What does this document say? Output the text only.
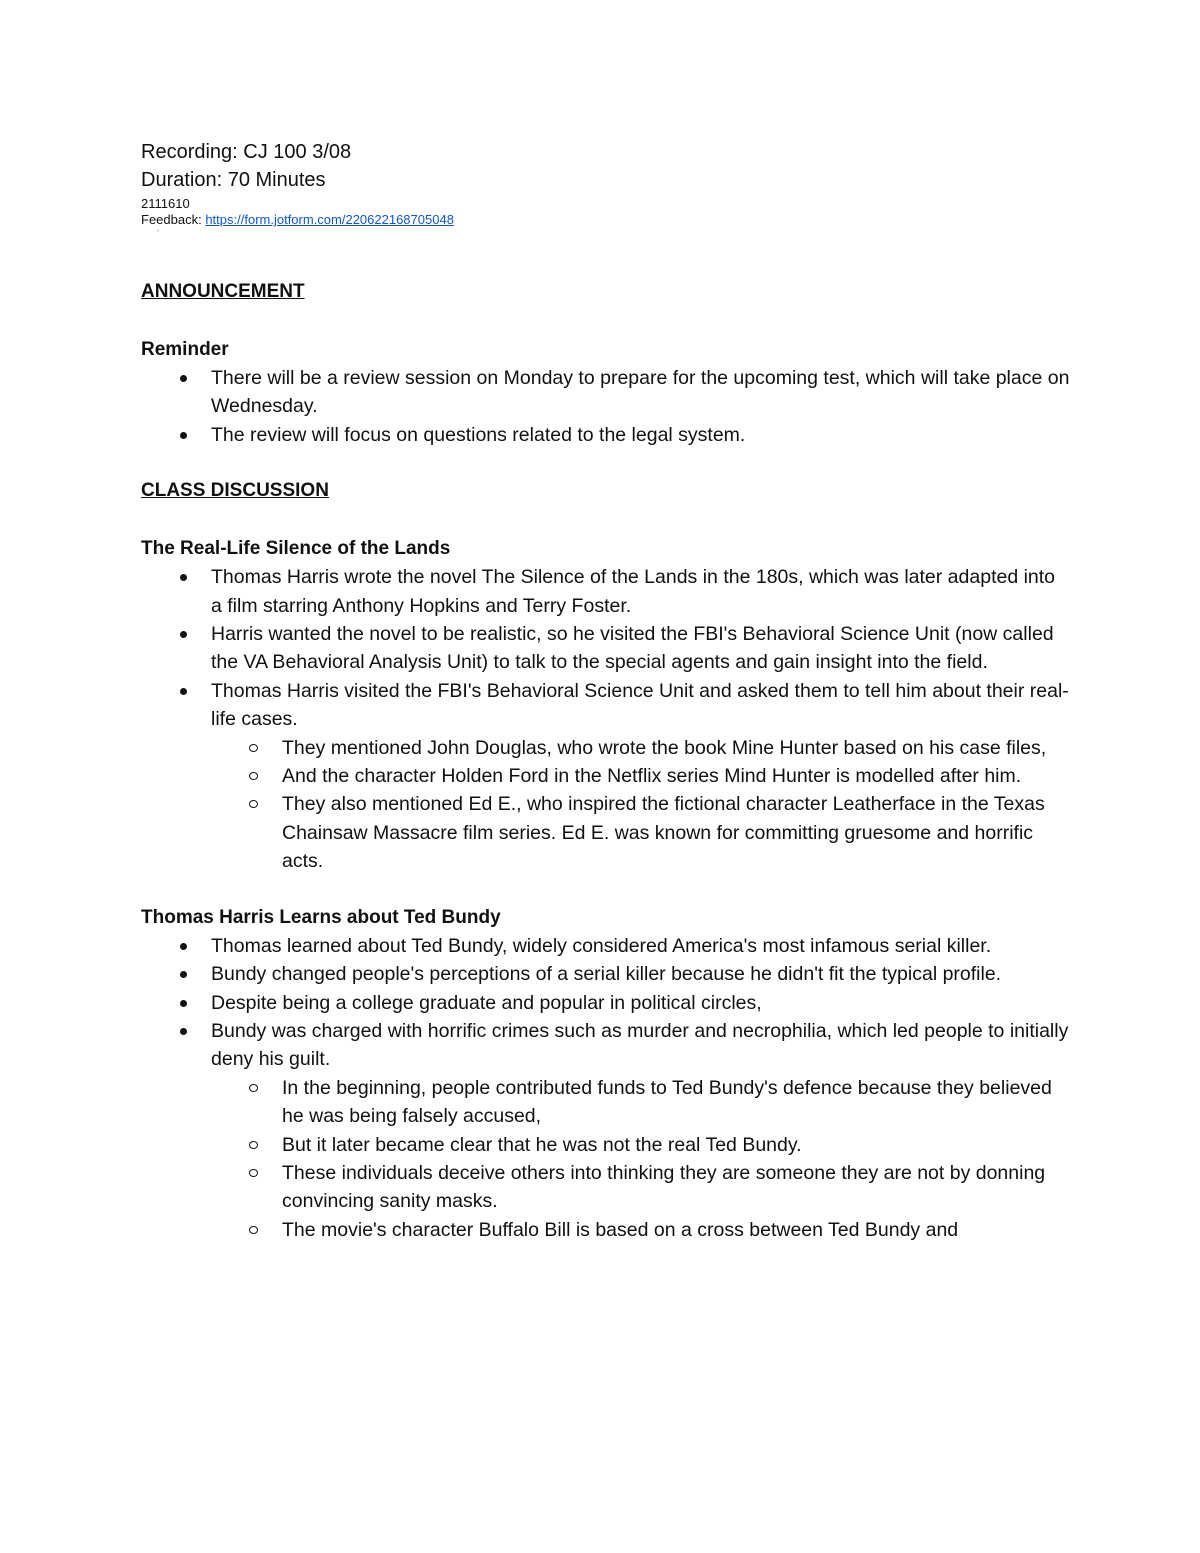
Recording: CJ 100 3/08

Duration: 70 Minutes

2111610

Feedback: https://form.jotform.com/220622168705048

'

ANNOUNCEMENT

Reminder

There will be a review session on Monday to prepare for the upcoming test, which will take place on Wednesday.
The review will focus on questions related to the legal system.

CLASS DISCUSSION

The Real-Life Silence of the Lands

Thomas Harris wrote the novel The Silence of the Lands in the 180s, which was later adapted into a film starring Anthony Hopkins and Terry Foster.
Harris wanted the novel to be realistic, so he visited the FBI's Behavioral Science Unit (now called the VA Behavioral Analysis Unit) to talk to the special agents and gain insight into the field.
Thomas Harris visited the FBI's Behavioral Science Unit and asked them to tell him about their real-life cases.
They mentioned John Douglas, who wrote the book Mine Hunter based on his case files,
And the character Holden Ford in the Netflix series Mind Hunter is modelled after him.
They also mentioned Ed E., who inspired the fictional character Leatherface in the Texas Chainsaw Massacre film series. Ed E. was known for committing gruesome and horrific acts.

Thomas Harris Learns about Ted Bundy

Thomas learned about Ted Bundy, widely considered America's most infamous serial killer.
Bundy changed people's perceptions of a serial killer because he didn't fit the typical profile.
Despite being a college graduate and popular in political circles,
Bundy was charged with horrific crimes such as murder and necrophilia, which led people to initially deny his guilt.
In the beginning, people contributed funds to Ted Bundy's defence because they believed he was being falsely accused,
But it later became clear that he was not the real Ted Bundy.
These individuals deceive others into thinking they are someone they are not by donning convincing sanity masks.
The movie's character Buffalo Bill is based on a cross between Ted Bundy and
